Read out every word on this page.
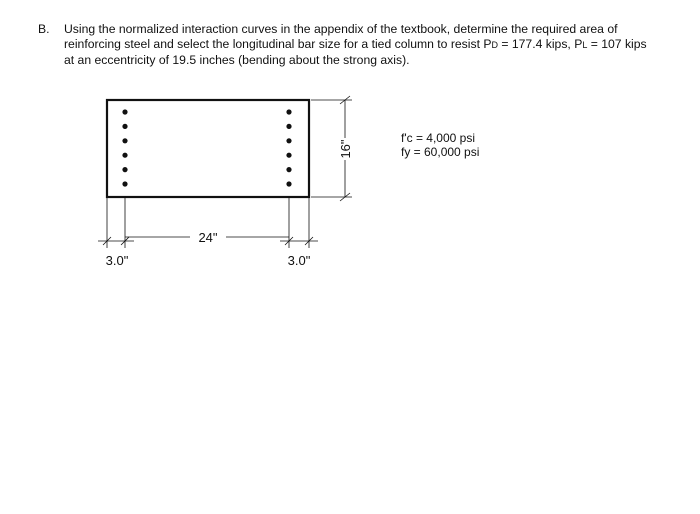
B. Using the normalized interaction curves in the appendix of the textbook, determine the required area of
reinforcing steel and select the longitudinal bar size for a tied column to resist PD = 177.4 kips, PL = 107 kips
at an eccentricity of 19.5 inches (bending about the strong axis).
16"
24"
3.0"	3.0"
f'c = 4,000 psi
fy = 60,000 psi
